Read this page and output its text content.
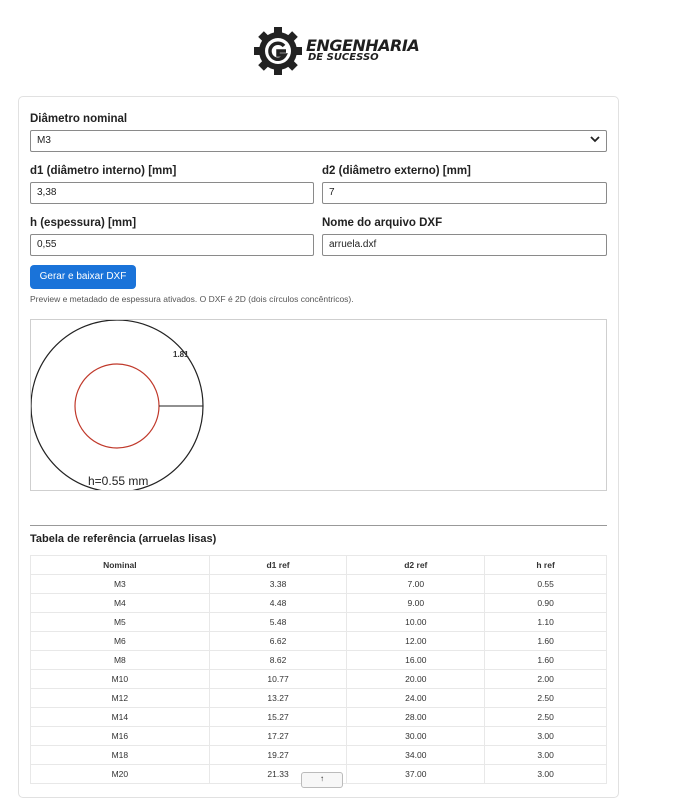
ENGENHARIA
DE SUCESSO
Diâmetro nominal
M3
d1 (diâmetro interno) [mm]
3,38
d2 (diâmetro externo) [mm]
7
h (espessura) [mm]
0,55
Nome do arquivo DXF
arruela.dxf
Gerar e baixar DXF
Preview e metadado de espessura ativados. O DXF é 2D (dois círculos concêntricos).
1.81
h=0.55 mm
Tabela de referência (arruelas lisas)
Nominal	d1 ref	d2 ref	h ref
M3	3.38	7.00	0.55
M4	4.48	9.00	0.90
M5	5.48	10.00	1.10
M6	6.62	12.00	1.60
M8	8.62	16.00	1.60
M10	10.77	20.00	2.00
M12	13.27	24.00	2.50
M14	15.27	28.00	2.50
M16	17.27	30.00	3.00
M18	19.27	34.00	3.00
M20	21.33	37.00	3.00
↑
